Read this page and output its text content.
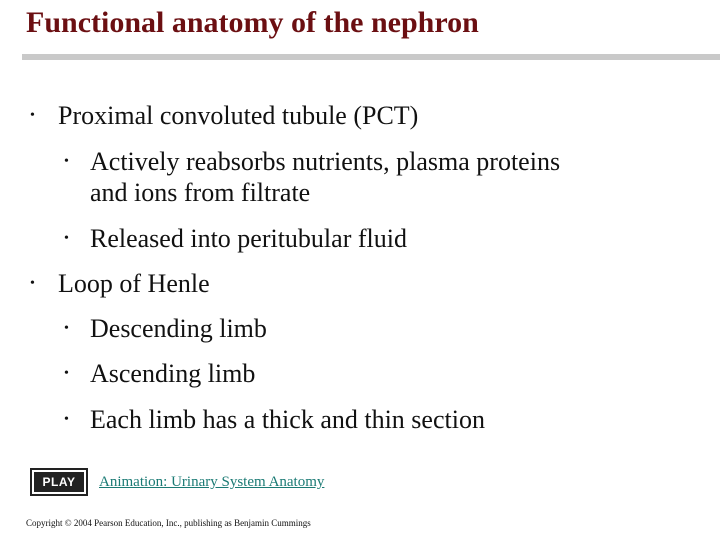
Functional anatomy of the nephron
• Proximal convoluted tubule (PCT)
• Actively reabsorbs nutrients, plasma proteins
and ions from filtrate
• Released into peritubular fluid
• Loop of Henle
• Descending limb
• Ascending limb
• Each limb has a thick and thin section
PLAY	Animation: Urinary System Anatomy
Copyright © 2004 Pearson Education, Inc., publishing as Benjamin Cummings
